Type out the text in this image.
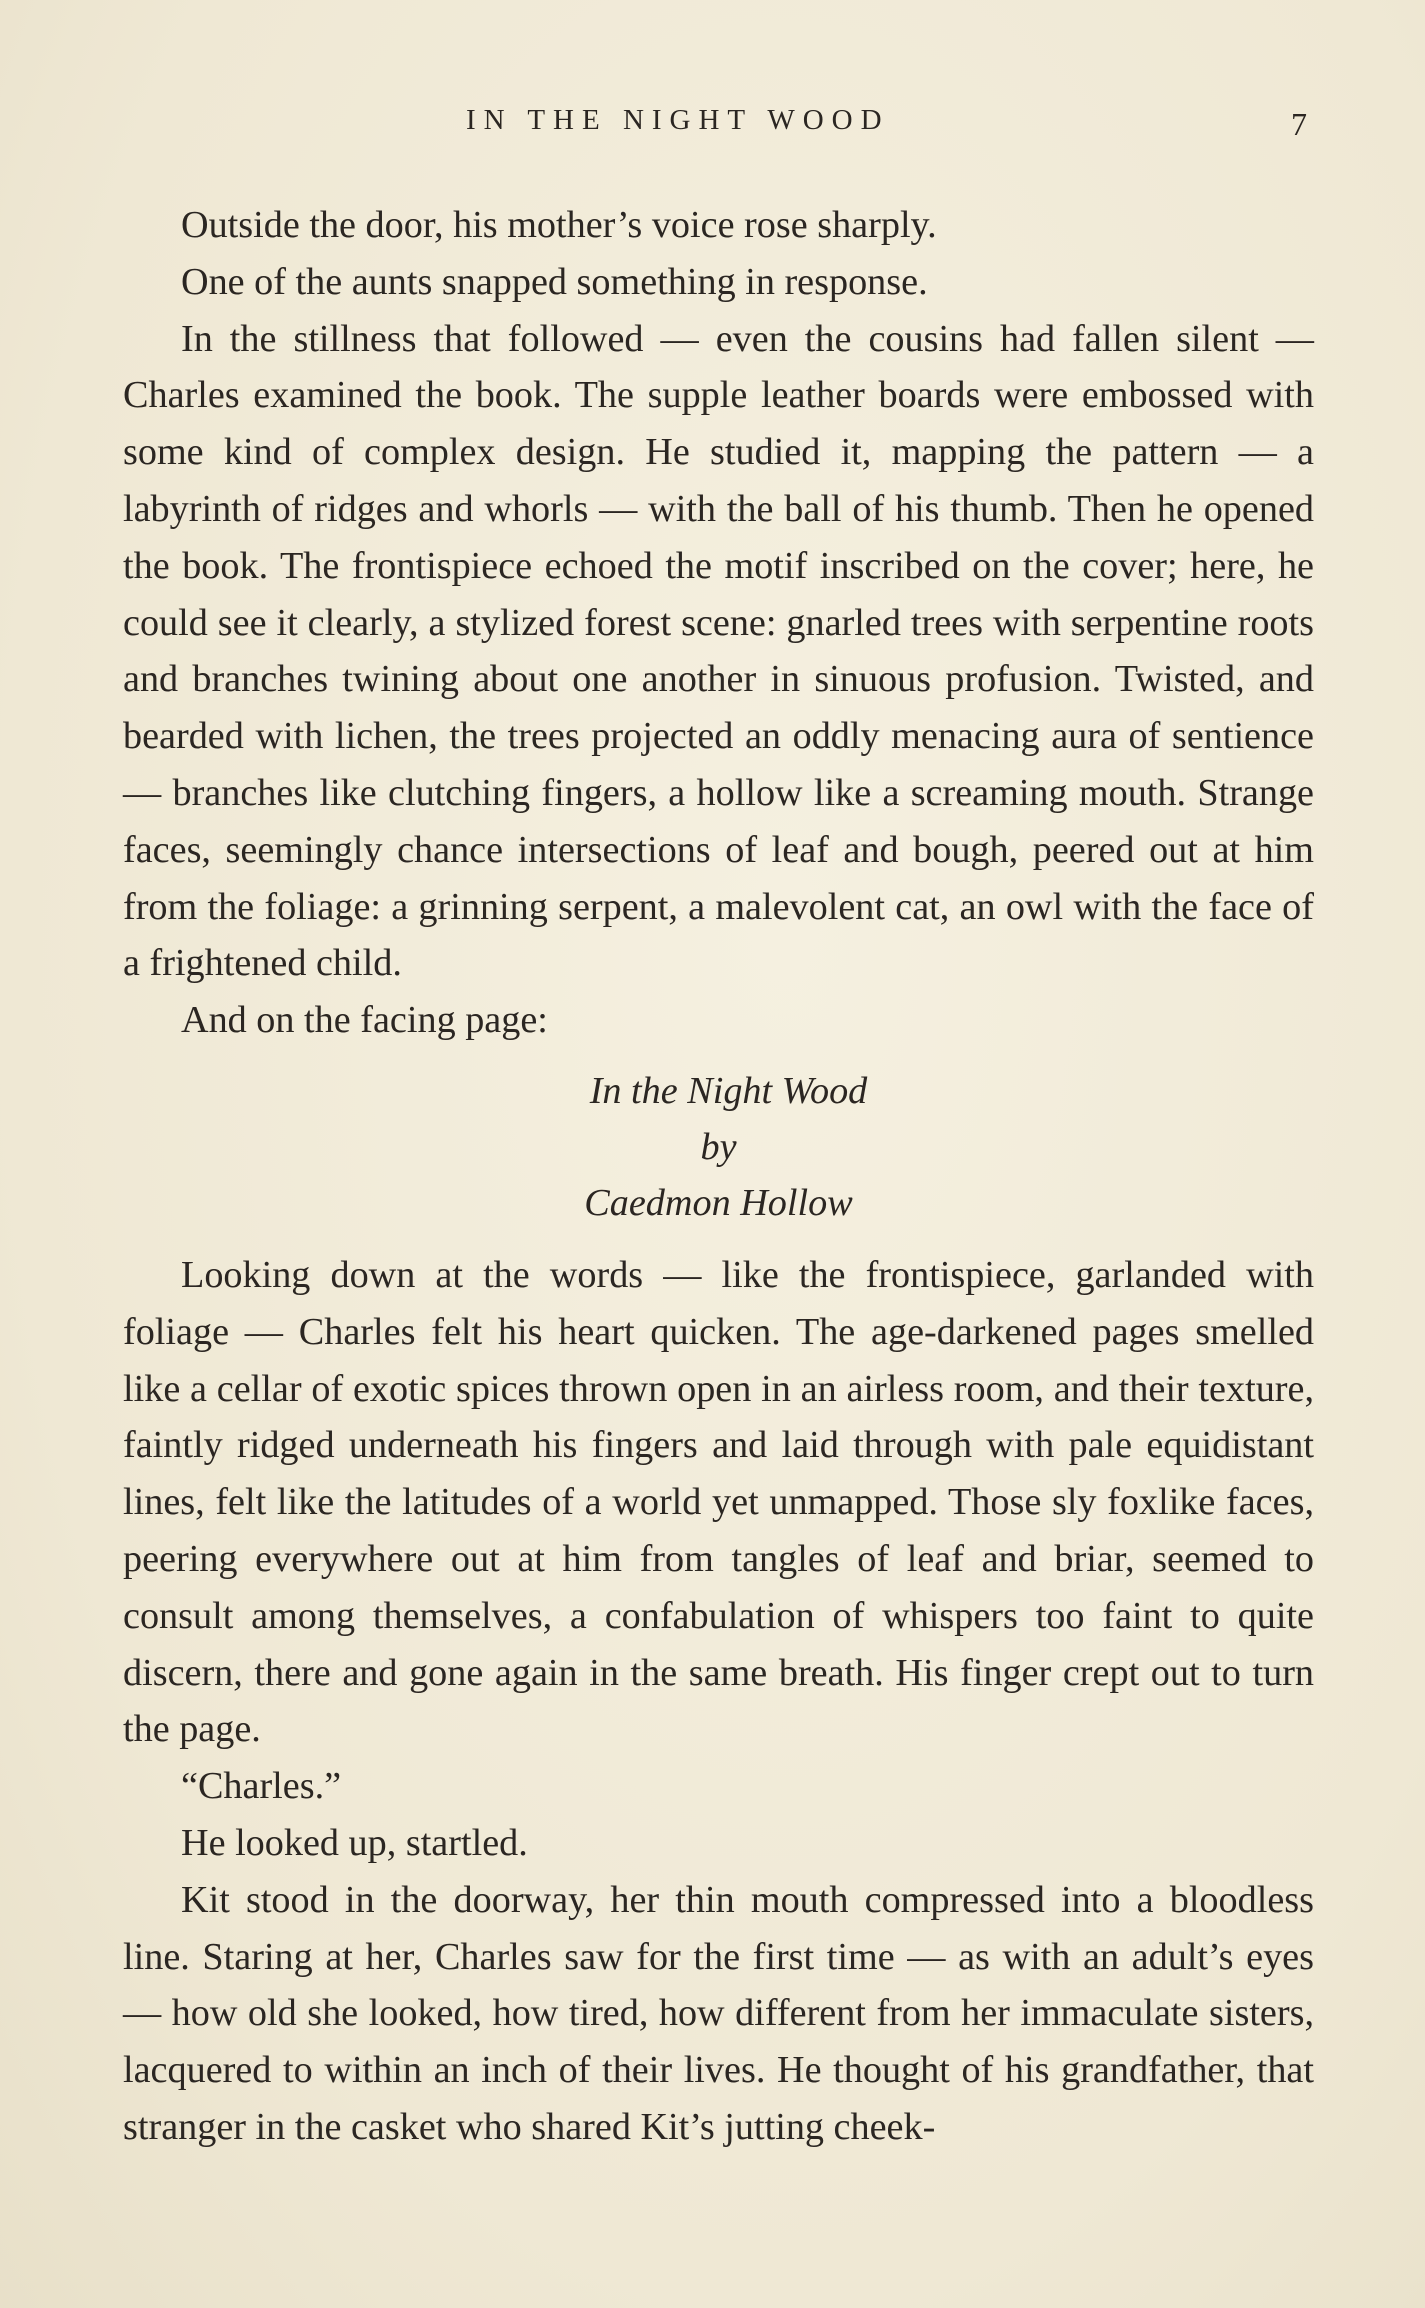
IN THE NIGHT WOOD	7

Outside the door, his mother’s voice rose sharply.

One of the aunts snapped something in response.

In the stillness that followed — even the cousins had fallen silent — Charles examined the book. The supple leather boards were embossed with some kind of complex design. He studied it, mapping the pattern — a labyrinth of ridges and whorls — with the ball of his thumb. Then he opened the book. The frontispiece echoed the motif inscribed on the cover; here, he could see it clearly, a stylized forest scene: gnarled trees with serpentine roots and branches twining about one another in sinuous profusion. Twisted, and bearded with lichen, the trees projected an oddly menacing aura of sentience — branches like clutching fingers, a hollow like a screaming mouth. Strange faces, seemingly chance intersections of leaf and bough, peered out at him from the foliage: a grinning serpent, a malevolent cat, an owl with the face of a frightened child.

And on the facing page:

In the Night Wood
by
Caedmon Hollow

Looking down at the words — like the frontispiece, garlanded with foliage — Charles felt his heart quicken. The age-darkened pages smelled like a cellar of exotic spices thrown open in an airless room, and their texture, faintly ridged underneath his fingers and laid through with pale equidistant lines, felt like the latitudes of a world yet unmapped. Those sly foxlike faces, peering everywhere out at him from tangles of leaf and briar, seemed to consult among themselves, a confabulation of whispers too faint to quite discern, there and gone again in the same breath. His finger crept out to turn the page.

“Charles.”

He looked up, startled.

Kit stood in the doorway, her thin mouth compressed into a bloodless line. Staring at her, Charles saw for the first time — as with an adult’s eyes — how old she looked, how tired, how different from her immaculate sisters, lacquered to within an inch of their lives. He thought of his grandfather, that stranger in the casket who shared Kit’s jutting cheek-
